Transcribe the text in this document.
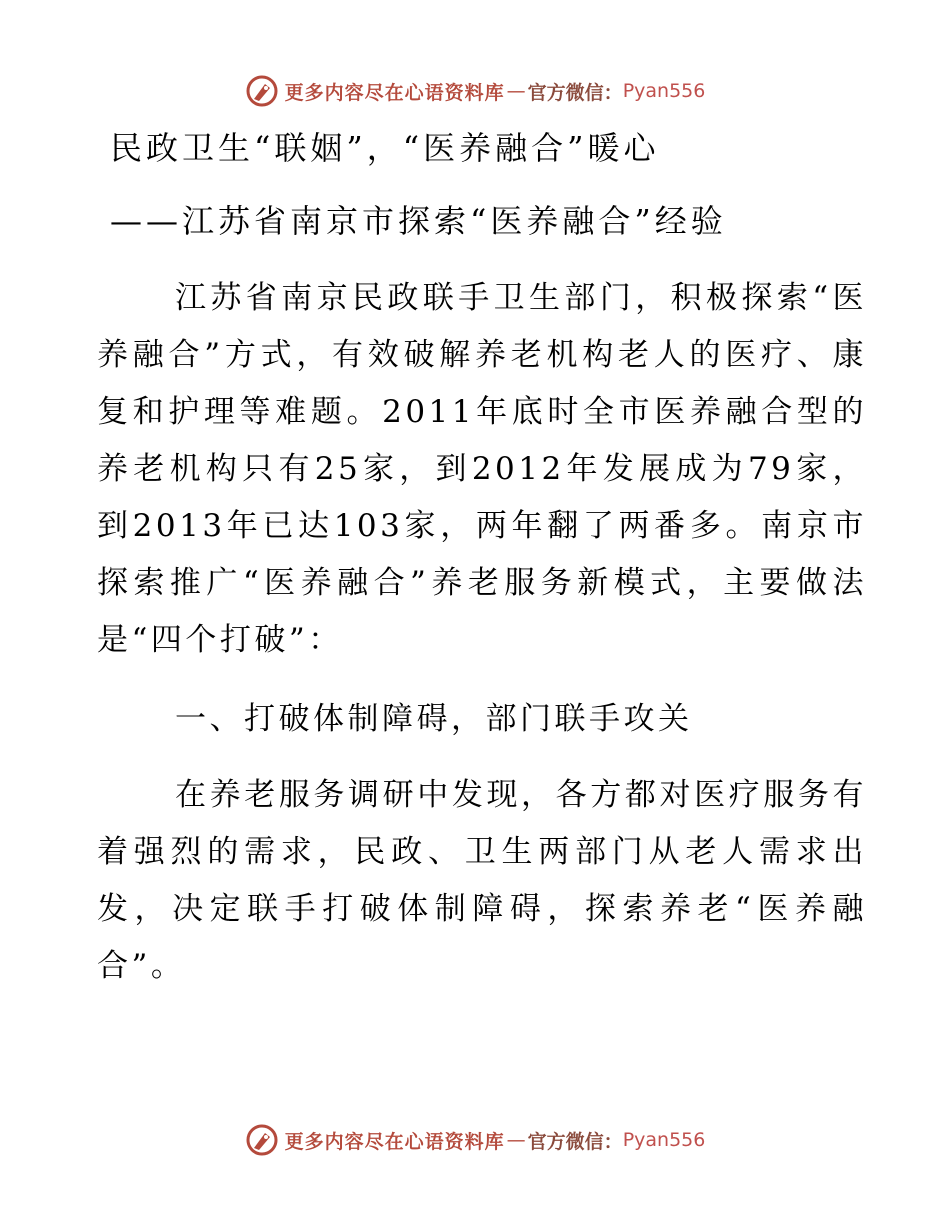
更多内容尽在心语资料库 — 官方微信： Pyan556
民政卫生“联姻”，“医养融合”暖心
——江苏省南京市探索“医养融合”经验
江苏省南京民政联手卫生部门，积极探索“医养融合”方式，有效破解养老机构老人的医疗、康复和护理等难题。2011年底时全市医养融合型的养老机构只有25家，到2012年发展成为79家，到2013年已达103家，两年翻了两番多。南京市探索推广“医养融合”养老服务新模式，主要做法是“四个打破”：
一、打破体制障碍，部门联手攻关
在养老服务调研中发现，各方都对医疗服务有着强烈的需求，民政、卫生两部门从老人需求出发，决定联手打破体制障碍，探索养老“医养融合”。
更多内容尽在心语资料库 — 官方微信： Pyan556
